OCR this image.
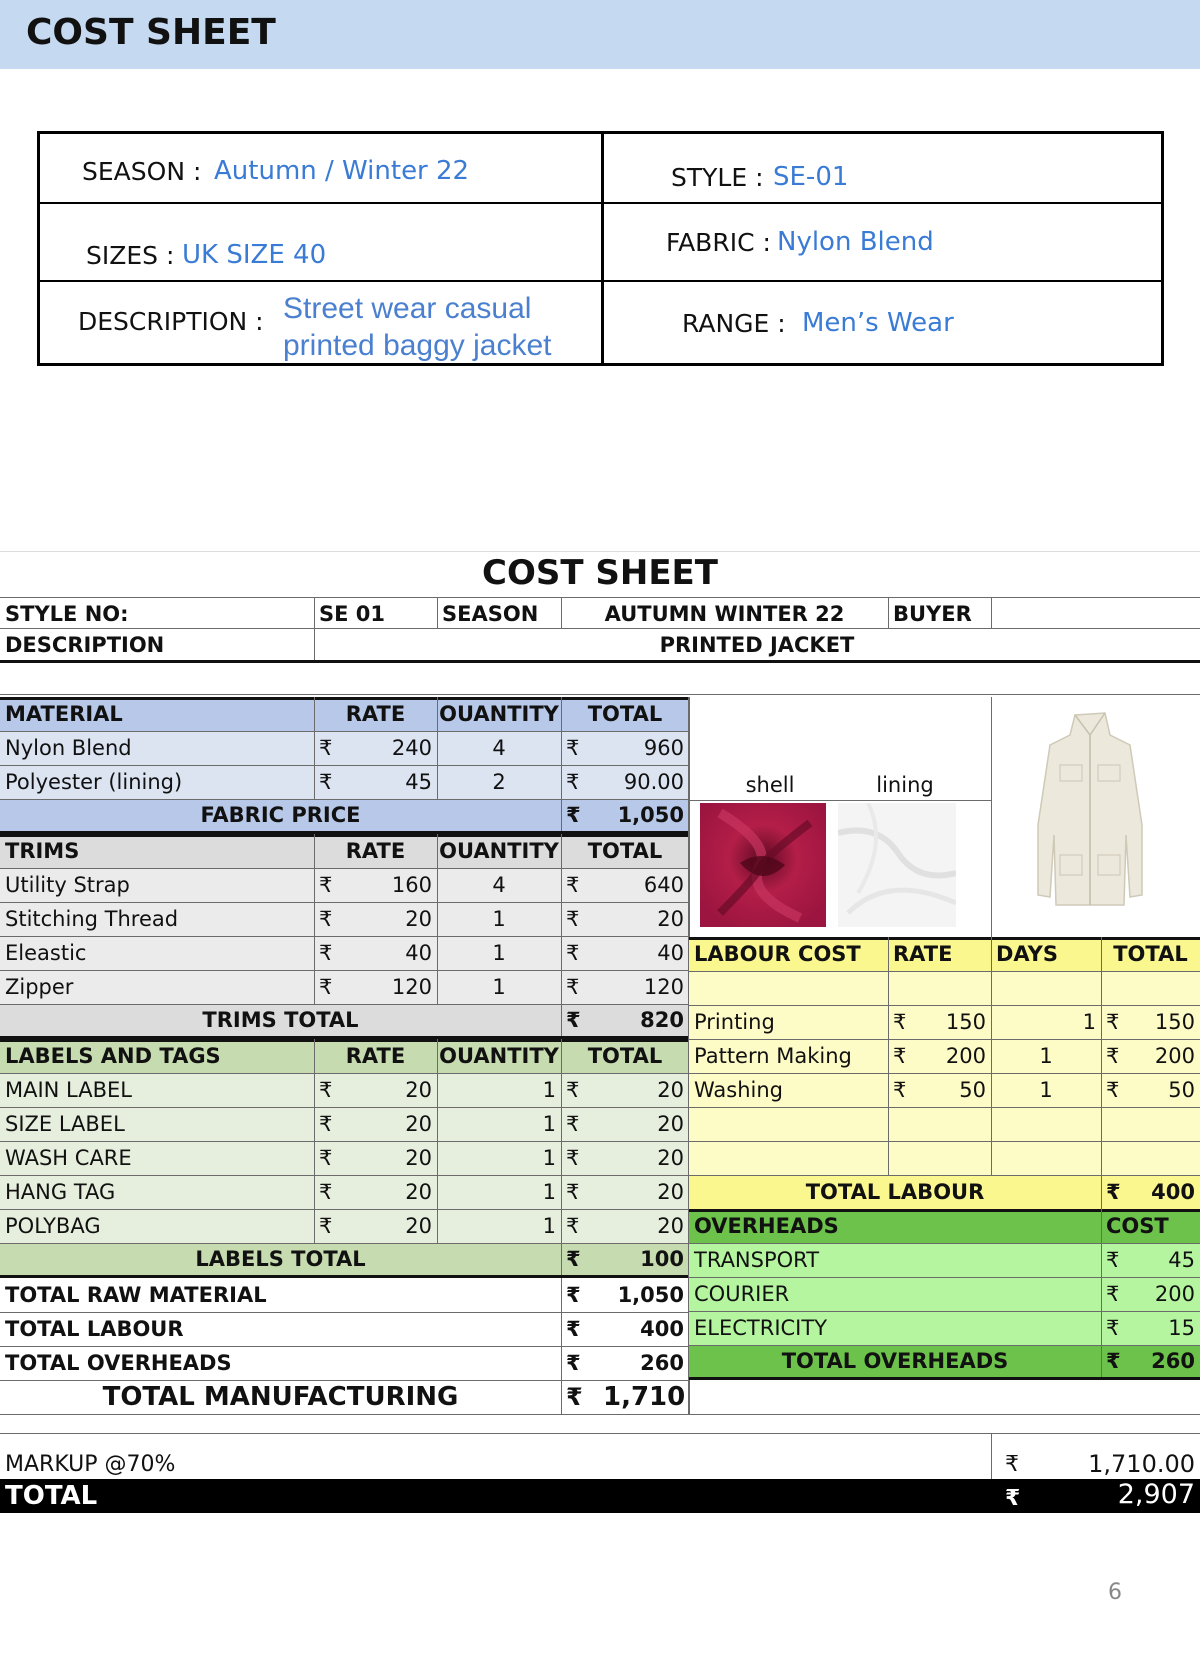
COST SHEET
SEASON : Autumn / Winter 22	STYLE : SE-01
SIZES : UK SIZE 40	FABRIC : Nylon Blend
DESCRIPTION : Street wear casual
printed baggy jacket
RANGE : Men’s Wear
COST SHEET
STYLE NO:	SE 01	SEASON	AUTUMN WINTER 22	BUYER
DESCRIPTION	PRINTED JACKET
MATERIAL	RATE	OUANTITY	TOTAL
Nylon Blend	₹	240	4	₹	960
Polyester (lining)	₹	45	2	₹	90.00
FABRIC PRICE	₹	1,050
TRIMS	RATE	OUANTITY	TOTAL
Utility Strap	₹	160	4	₹	640
Stitching Thread	₹	20	1	₹	20
Eleastic	₹	40	1	₹	40
Zipper	₹	120	1	₹	120
TRIMS TOTAL	₹	820
LABELS AND TAGS	RATE	OUANTITY	TOTAL
MAIN LABEL	₹	20	1 ₹	20
SIZE LABEL	₹	20	1 ₹	20
WASH CARE	₹	20	1 ₹	20
HANG TAG	₹	20	1 ₹	20
POLYBAG	₹	20	1 ₹	20
LABELS TOTAL	₹	100
TOTAL RAW MATERIAL	₹	1,050
TOTAL LABOUR	₹	400
TOTAL OVERHEADS	₹	260
TOTAL MANUFACTURING	₹ 1,710
shell	lining
LABOUR COST	RATE	DAYS	TOTAL
Printing	₹	150	1 ₹	150
Pattern Making	₹	200	1	₹	200
Washing	₹	50	1	₹	50
TOTAL LABOUR	₹	400
OVERHEADS	COST
TRANSPORT	₹	45
COURIER	₹	200
ELECTRICITY	₹	15
TOTAL OVERHEADS	₹	260
MARKUP @70%	₹	1,710.00
TOTAL	₹	2,907
6
